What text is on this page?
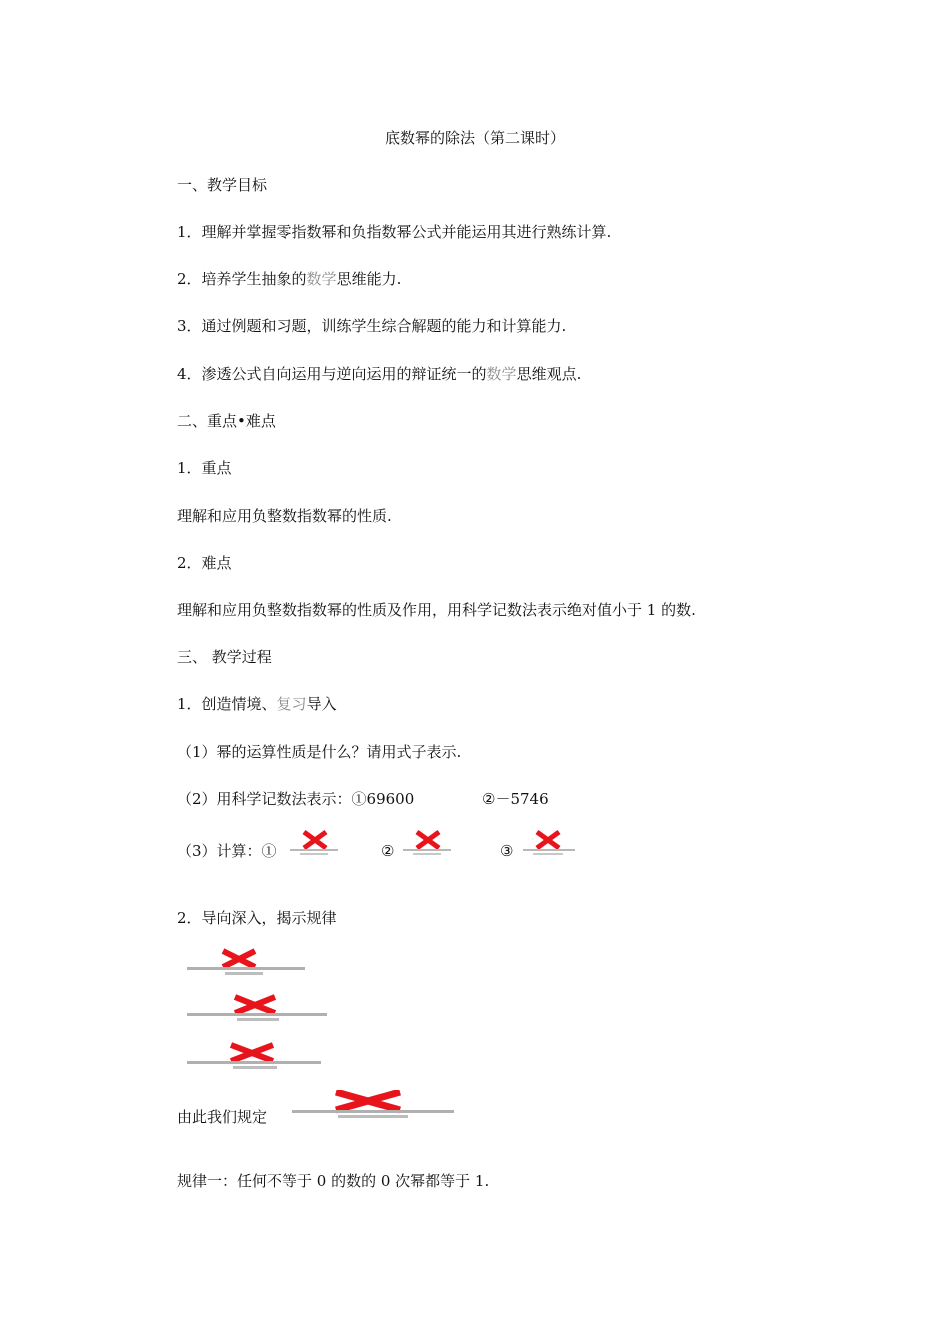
底数幂的除法（第二课时）
一、教学目标
1．理解并掌握零指数幂和负指数幂公式并能运用其进行熟练计算.
2．培养学生抽象的数学思维能力.
3．通过例题和习题，训练学生综合解题的能力和计算能力.
4．渗透公式自向运用与逆向运用的辩证统一的数学思维观点.
二、重点•难点
1．重点
理解和应用负整数指数幂的性质.
2．难点
理解和应用负整数指数幂的性质及作用，用科学记数法表示绝对值小于 1 的数.
三、 教学过程
1．创造情境、复习导入
（1）幂的运算性质是什么？请用式子表示.
（2）用科学记数法表示：①69600	②－5746
（3）计算：①	②	③
2．导向深入，揭示规律
由此我们规定
规律一：任何不等于 0 的数的 0 次幂都等于 1.
